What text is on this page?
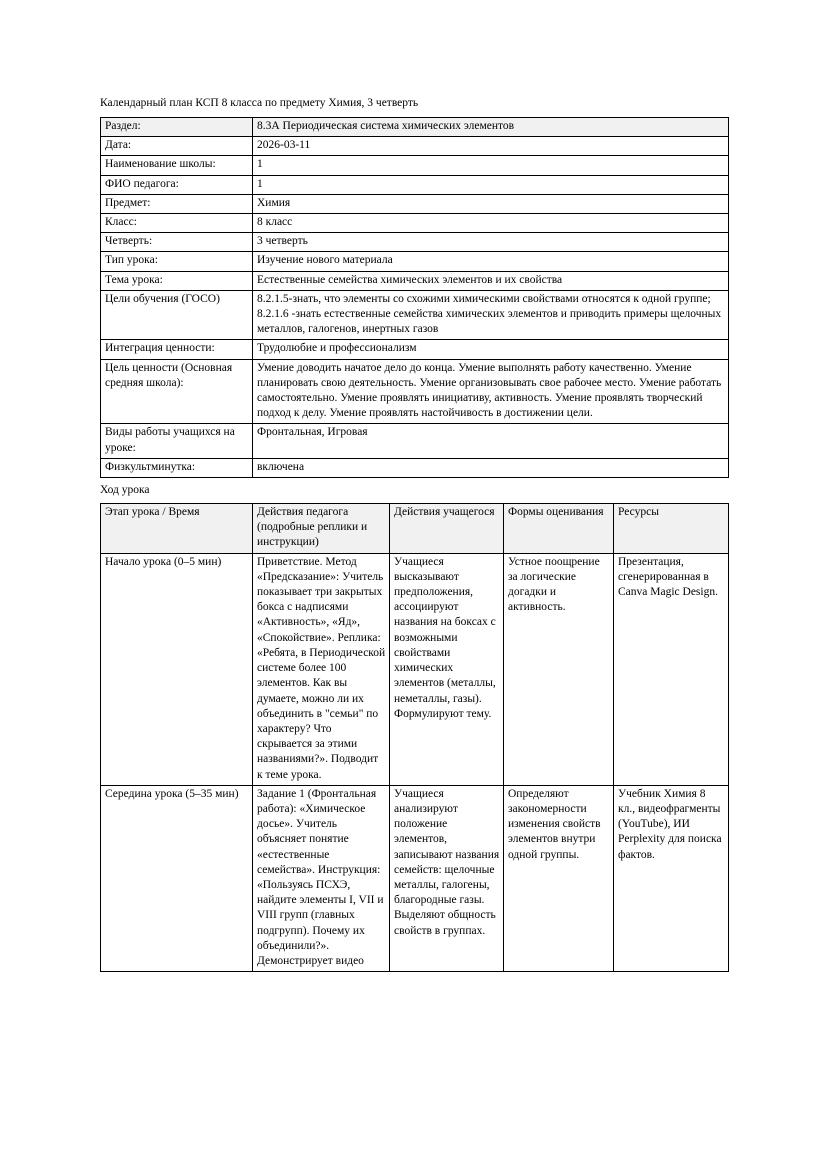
Календарный план КСП 8 класса по предмету Химия, 3 четверть

Раздел:	8.3А Периодическая система химических элементов
Дата:	2026-03-11
Наименование школы:	1
ФИО педагога:	1
Предмет:	Химия
Класс:	8 класс
Четверть:	3 четверть
Тип урока:	Изучение нового материала
Тема урока:	Естественные семейства химических элементов и их свойства
Цели обучения (ГОСО)	8.2.1.5-знать, что элементы со схожими химическими свойствами относятся к одной группе; 8.2.1.6 -знать естественные семейства химических элементов и приводить примеры щелочных металлов, галогенов, инертных газов
Интеграция ценности:	Трудолюбие и профессионализм
Цель ценности (Основная средняя школа):	Умение доводить начатое дело до конца. Умение выполнять работу качественно. Умение планировать свою деятельность. Умение организовывать свое рабочее место. Умение работать самостоятельно. Умение проявлять инициативу, активность. Умение проявлять творческий подход к делу. Умение проявлять настойчивость в достижении цели.
Виды работы учащихся на уроке:	Фронтальная, Игровая
Физкультминутка:	включена

Ход урока

Этап урока / Время	Действия педагога (подробные реплики и инструкции)	Действия учащегося	Формы оценивания	Ресурсы
Начало урока (0–5 мин)	Приветствие. Метод «Предсказание»: Учитель показывает три закрытых бокса с надписями «Активность», «Яд», «Спокойствие». Реплика: «Ребята, в Периодической системе более 100 элементов. Как вы думаете, можно ли их объединить в "семьи" по характеру? Что скрывается за этими названиями?». Подводит к теме урока.	Учащиеся высказывают предположения, ассоциируют названия на боксах с возможными свойствами химических элементов (металлы, неметаллы, газы). Формулируют тему.	Устное поощрение за логические догадки и активность.	Презентация, сгенерированная в Canva Magic Design.
Середина урока (5–35 мин)	Задание 1 (Фронтальная работа): «Химическое досье». Учитель объясняет понятие «естественные семейства». Инструкция: «Пользуясь ПСХЭ, найдите элементы I, VII и VIII групп (главных подгрупп). Почему их объединили?». Демонстрирует видео	Учащиеся анализируют положение элементов, записывают названия семейств: щелочные металлы, галогены, благородные газы. Выделяют общность свойств в группах.	Определяют закономерности изменения свойств элементов внутри одной группы.	Учебник Химия 8 кл., видеофрагменты (YouTube), ИИ Perplexity для поиска фактов.
